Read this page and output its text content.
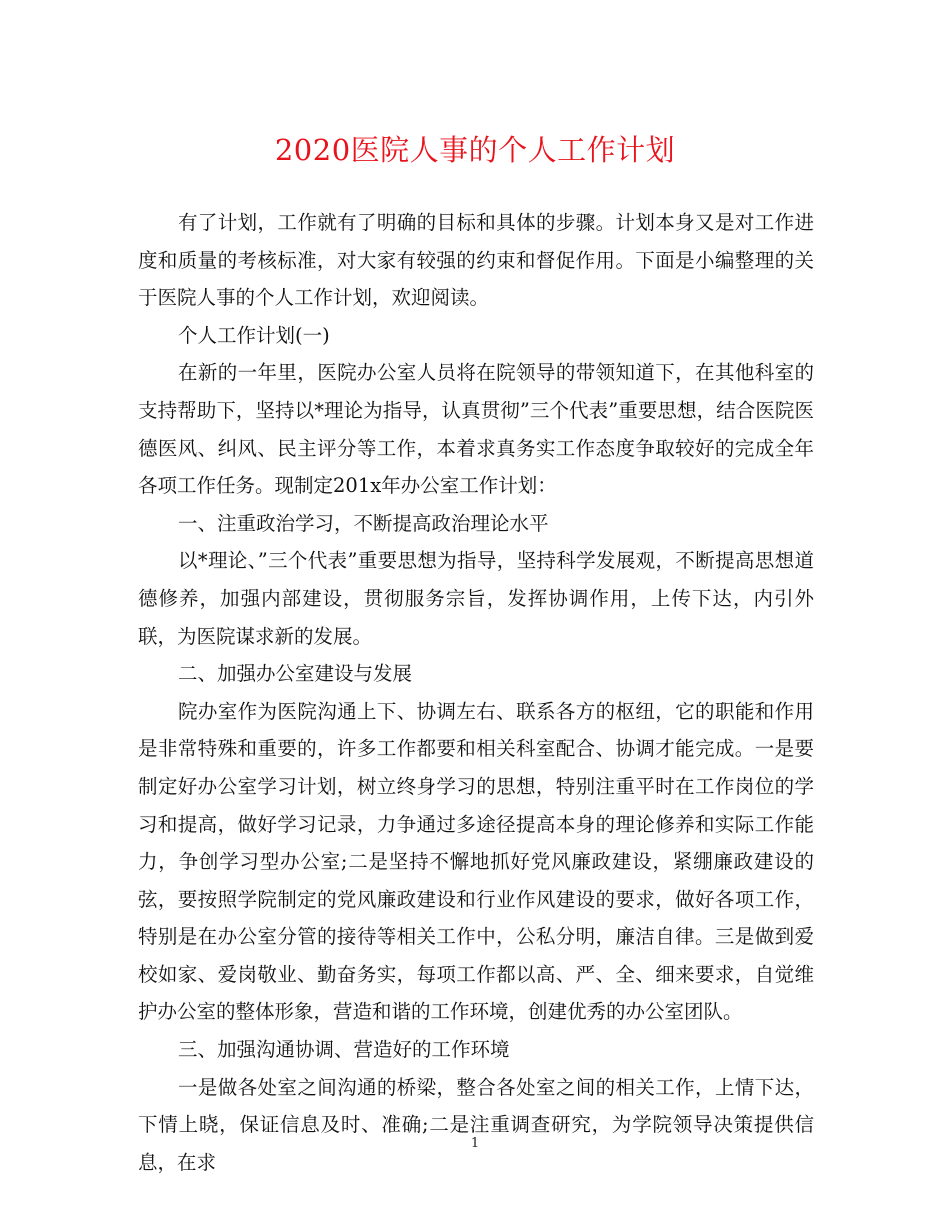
2020医院人事的个人工作计划

有了计划，工作就有了明确的目标和具体的步骤。计划本身又是对工作进度和质量的考核标准，对大家有较强的约束和督促作用。下面是小编整理的关于医院人事的个人工作计划，欢迎阅读。

个人工作计划(一)

在新的一年里，医院办公室人员将在院领导的带领知道下，在其他科室的支持帮助下，坚持以*理论为指导，认真贯彻”三个代表”重要思想，结合医院医德医风、纠风、民主评分等工作，本着求真务实工作态度争取较好的完成全年各项工作任务。现制定201x年办公室工作计划：

一、注重政治学习，不断提高政治理论水平

以*理论、”三个代表”重要思想为指导，坚持科学发展观，不断提高思想道德修养，加强内部建设，贯彻服务宗旨，发挥协调作用，上传下达，内引外联，为医院谋求新的发展。

二、加强办公室建设与发展

院办室作为医院沟通上下、协调左右、联系各方的枢纽，它的职能和作用是非常特殊和重要的，许多工作都要和相关科室配合、协调才能完成。一是要制定好办公室学习计划，树立终身学习的思想，特别注重平时在工作岗位的学习和提高，做好学习记录，力争通过多途径提高本身的理论修养和实际工作能力，争创学习型办公室;二是坚持不懈地抓好党风廉政建设，紧绷廉政建设的弦，要按照学院制定的党风廉政建设和行业作风建设的要求，做好各项工作，特别是在办公室分管的接待等相关工作中，公私分明，廉洁自律。三是做到爱校如家、爱岗敬业、勤奋务实，每项工作都以高、严、全、细来要求，自觉维护办公室的整体形象，营造和谐的工作环境，创建优秀的办公室团队。

三、加强沟通协调、营造好的工作环境

一是做各处室之间沟通的桥梁，整合各处室之间的相关工作，上情下达，下情上晓，保证信息及时、准确;二是注重调查研究，为学院领导决策提供信息，在求

1
